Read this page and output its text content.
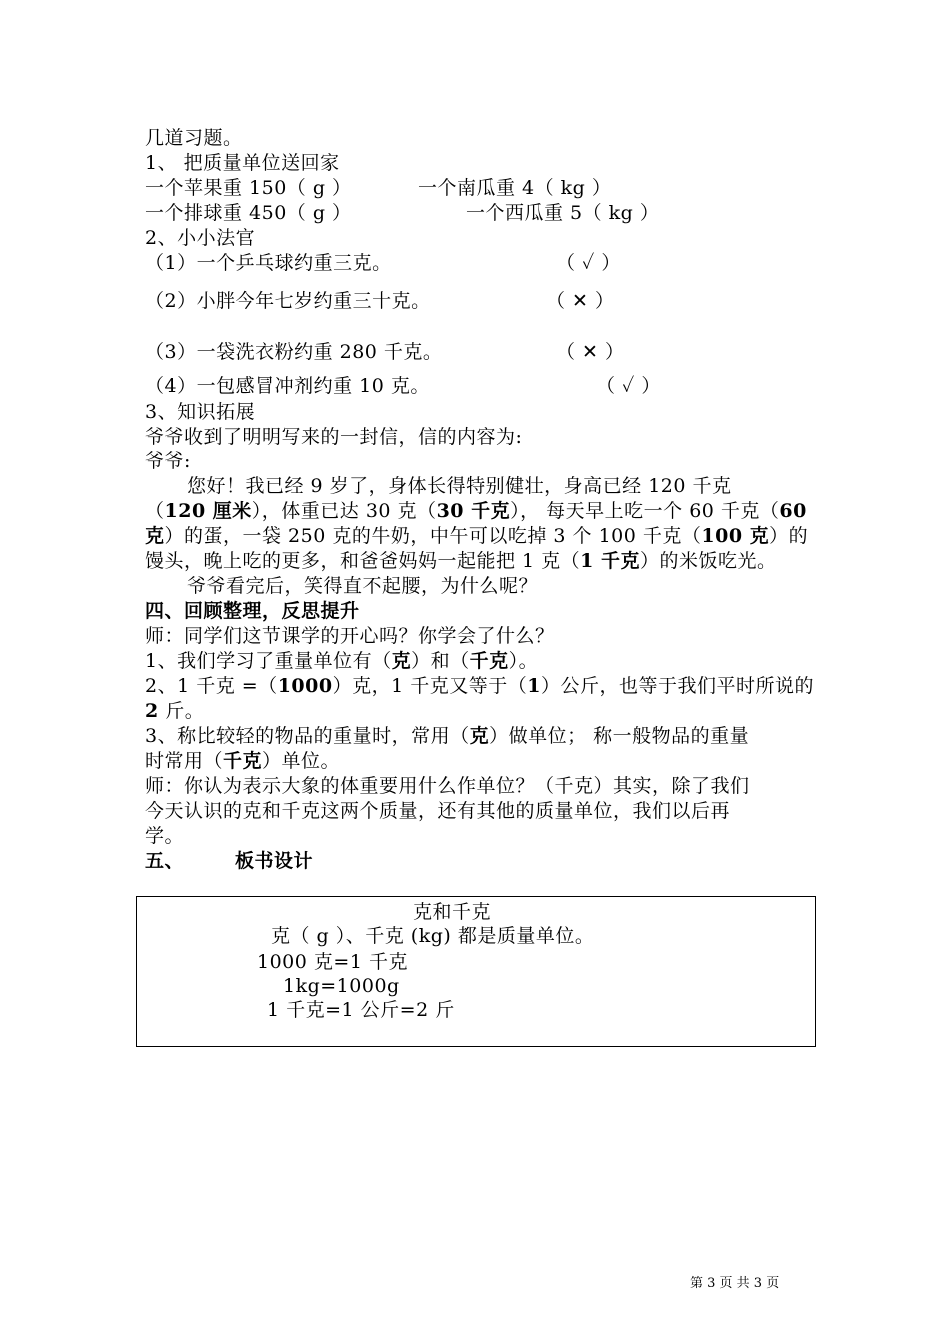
几道习题。
1、 把质量单位送回家
一个苹果重 150（ g ）	一个南瓜重 4（ kg ）
一个排球重 450（ g ）	一个西瓜重 5（ kg ）
2、小小法官
（1）一个乒乓球约重三克。	（ ✓ ）
（2）小胖今年七岁约重三十克。	（ ✕ ）
（3）一袋洗衣粉约重 280 千克。	（ ✕ ）
（4）一包感冒冲剂约重 10 克。	（ ✓ ）
3、知识拓展
爷爷收到了明明写来的一封信，信的内容为:
爷爷:
您好！我已经 9 岁了，身体长得特别健壮，身高已经 120 千克
（120 厘米），体重已达 30 克（30 千克）， 每天早上吃一个 60 千克（60
克）的蛋，一袋 250 克的牛奶，中午可以吃掉 3 个 100 千克（100 克）的
馒头，晚上吃的更多，和爸爸妈妈一起能把 1 克（1 千克）的米饭吃光。
爷爷看完后，笑得直不起腰，为什么呢？
四、回顾整理，反思提升
师：同学们这节课学的开心吗？你学会了什么？
1、我们学习了重量单位有（克）和（千克）。
2、1 千克 =（1000）克，1 千克又等于（1）公斤，也等于我们平时所说的
2 斤。
3、称比较轻的物品的重量时，常用（克）做单位； 称一般物品的重量
时常用（千克）单位。
师：你认为表示大象的体重要用什么作单位？（千克）其实，除了我们
今天认识的克和千克这两个质量，还有其他的质量单位，我们以后再
学。
五、	板书设计
克和千克
克（ g ）、千克 (kg) 都是质量单位。
1000 克=1 千克
1kg=1000g
1 千克=1 公斤=2 斤
第 3 页 共 3 页
